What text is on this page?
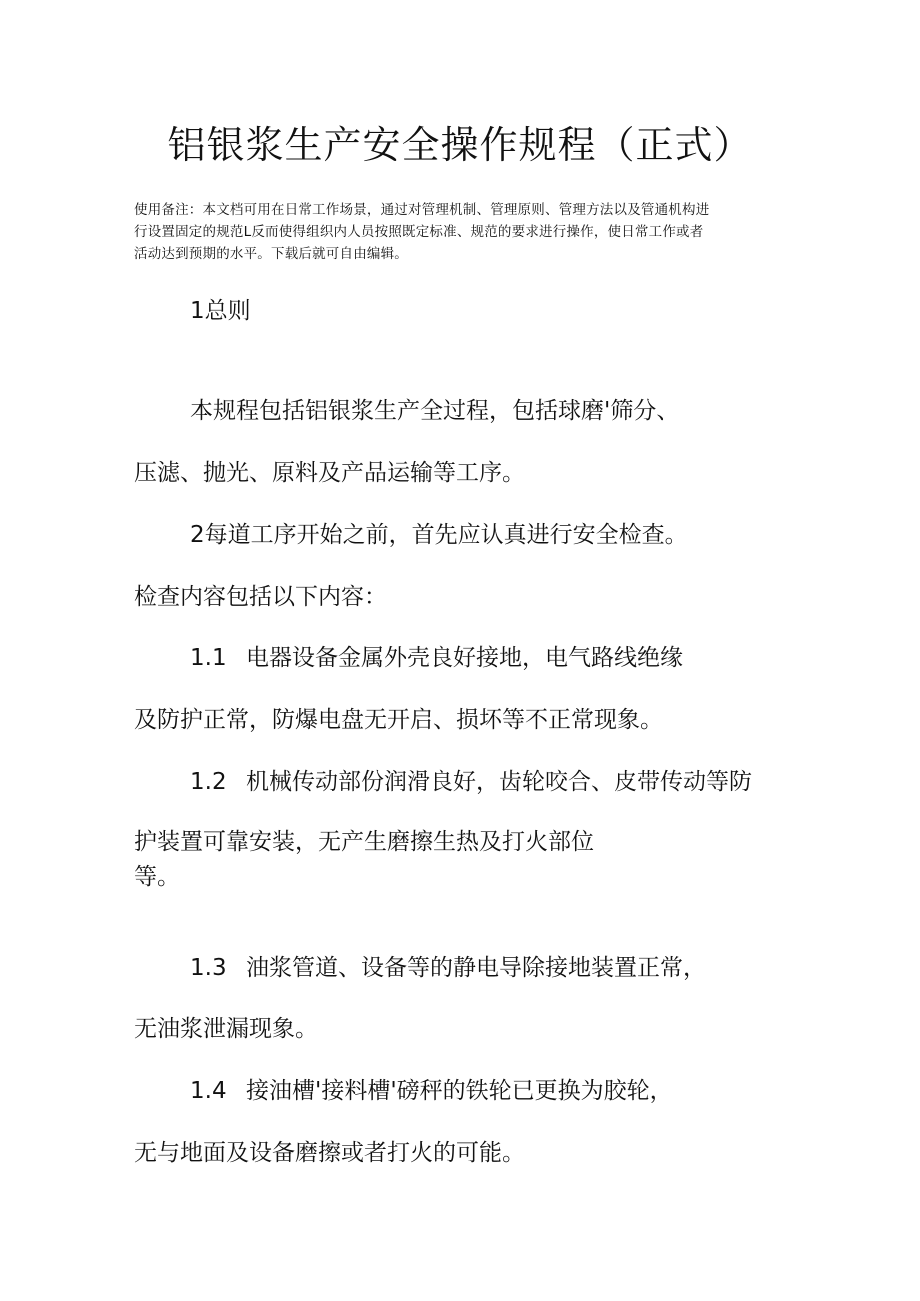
铝银浆生产安全操作规程（正式）
使用备注：本文档可用在日常工作场景，通过对管理机制、管理原则、管理方法以及管通机构进
行设置固定的规范L反而使得组织内人员按照既定标准、规范的要求进行操作，使日常工作或者
活动达到预期的水平。下载后就可自由编辑。
1总则
本规程包括铝银浆生产全过程，包括球磨'筛分、
压滤、抛光、原料及产品运输等工序。
2每道工序开始之前，首先应认真进行安全检查。
检查内容包括以下内容：
1.1 电器设备金属外壳良好接地，电气路线绝缘
及防护正常，防爆电盘无开启、损坏等不正常现象。
1.2 机械传动部份润滑良好，齿轮咬合、皮带传动等防
护装置可靠安装，无产生磨擦生热及打火部位
等。
1.3 油浆管道、设备等的静电导除接地装置正常，
无油浆泄漏现象。
1.4 接油槽'接料槽'磅秤的铁轮已更换为胶轮，
无与地面及设备磨擦或者打火的可能。
